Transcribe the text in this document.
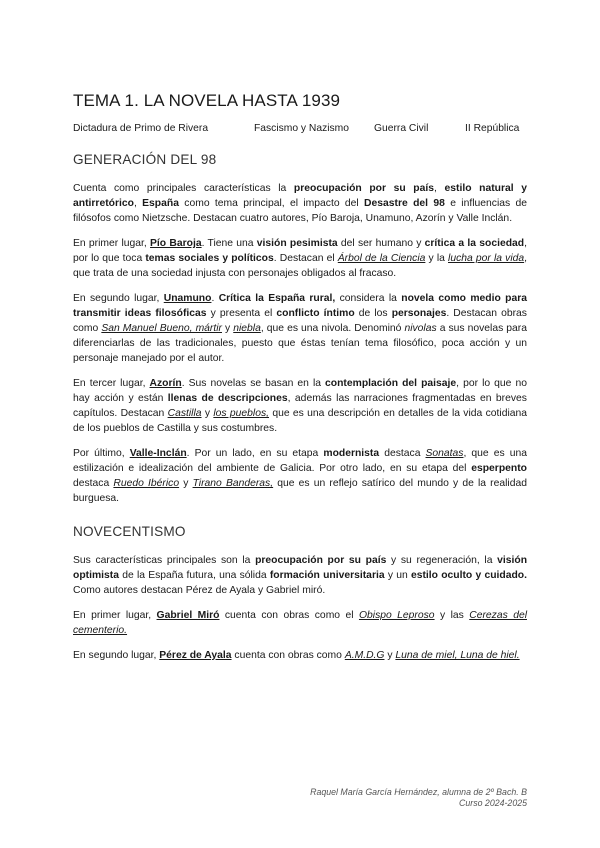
TEMA 1. LA NOVELA HASTA 1939
Dictadura de Primo de Rivera	Fascismo y Nazismo Guerra Civil	II República
GENERACIÓN DEL 98

Cuenta como principales características la preocupación por su país, estilo natural y antirretórico, España como tema principal, el impacto del Desastre del 98 e influencias de filósofos como Nietzsche. Destacan cuatro autores, Pío Baroja, Unamuno, Azorín y Valle Inclán.

En primer lugar, Pío Baroja. Tiene una visión pesimista del ser humano y crítica a la sociedad, por lo que toca temas sociales y políticos. Destacan el Árbol de la Ciencia y la lucha por la vida, que trata de una sociedad injusta con personajes obligados al fracaso.

En segundo lugar, Unamuno. Crítica la España rural, considera la novela como medio para transmitir ideas filosóficas y presenta el conflicto íntimo de los personajes. Destacan obras como San Manuel Bueno, mártir y niebla, que es una nivola. Denominó nivolas a sus novelas para diferenciarlas de las tradicionales, puesto que éstas tenían tema filosófico, poca acción y un personaje manejado por el autor.

En tercer lugar, Azorín. Sus novelas se basan en la contemplación del paisaje, por lo que no hay acción y están llenas de descripciones, además las narraciones fragmentadas en breves capítulos. Destacan Castilla y los pueblos, que es una descripción en detalles de la vida cotidiana de los pueblos de Castilla y sus costumbres.

Por último, Valle-Inclán. Por un lado, en su etapa modernista destaca Sonatas, que es una estilización e idealización del ambiente de Galicia. Por otro lado, en su etapa del esperpento destaca Ruedo Ibérico y Tirano Banderas, que es un reflejo satírico del mundo y de la realidad burguesa.

NOVECENTISMO

Sus características principales son la preocupación por su país y su regeneración, la visión optimista de la España futura, una sólida formación universitaria y un estilo oculto y cuidado. Como autores destacan Pérez de Ayala y Gabriel miró.

En primer lugar, Gabriel Miró cuenta con obras como el Obispo Leproso y las Cerezas del cementerio.

En segundo lugar, Pérez de Ayala cuenta con obras como A.M.D.G y Luna de miel, Luna de hiel.

Raquel María García Hernández, alumna de 2º Bach. B
Curso 2024-2025
